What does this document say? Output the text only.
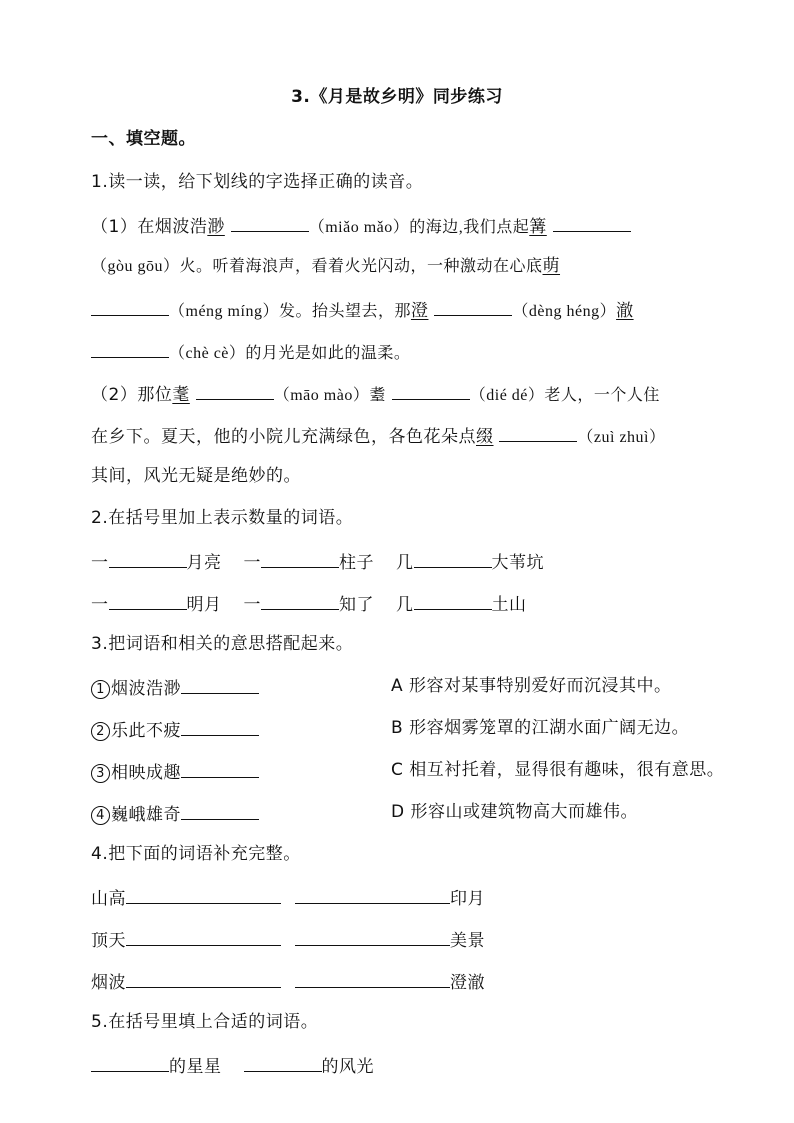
3.《月是故乡明》同步练习
一、填空题。
1.读一读，给下划线的字选择正确的读音。
（1）在烟波浩渺	（miǎo mǎo）的海边,我们点起篝
（gòu gōu）火。听着海浪声，看着火光闪动，一种激动在心底萌
（méng míng）发。抬头望去，那澄	（dèng héng）澈
（chè cè）的月光是如此的温柔。
（2）那位耄	（māo mào）耋	（dié dé）老人，一个人住
在乡下。夏天，他的小院儿充满绿色，各色花朵点缀	（zuì zhuì）
其间，风光无疑是绝妙的。
2.在括号里加上表示数量的词语。
一	月亮 一	柱子 几	大苇坑
一	明月 一	知了 几	土山
3.把词语和相关的意思搭配起来。
1 烟波浩渺	A 形容对某事特别爱好而沉浸其中。
2 乐此不疲	B 形容烟雾笼罩的江湖水面广阔无边。
3 相映成趣	C 相互衬托着，显得很有趣味，很有意思。
4 巍峨雄奇	D 形容山或建筑物高大而雄伟。
4.把下面的词语补充完整。
山高	印月
顶天	美景
烟波	澄澈
5.在括号里填上合适的词语。
的星星	的风光
